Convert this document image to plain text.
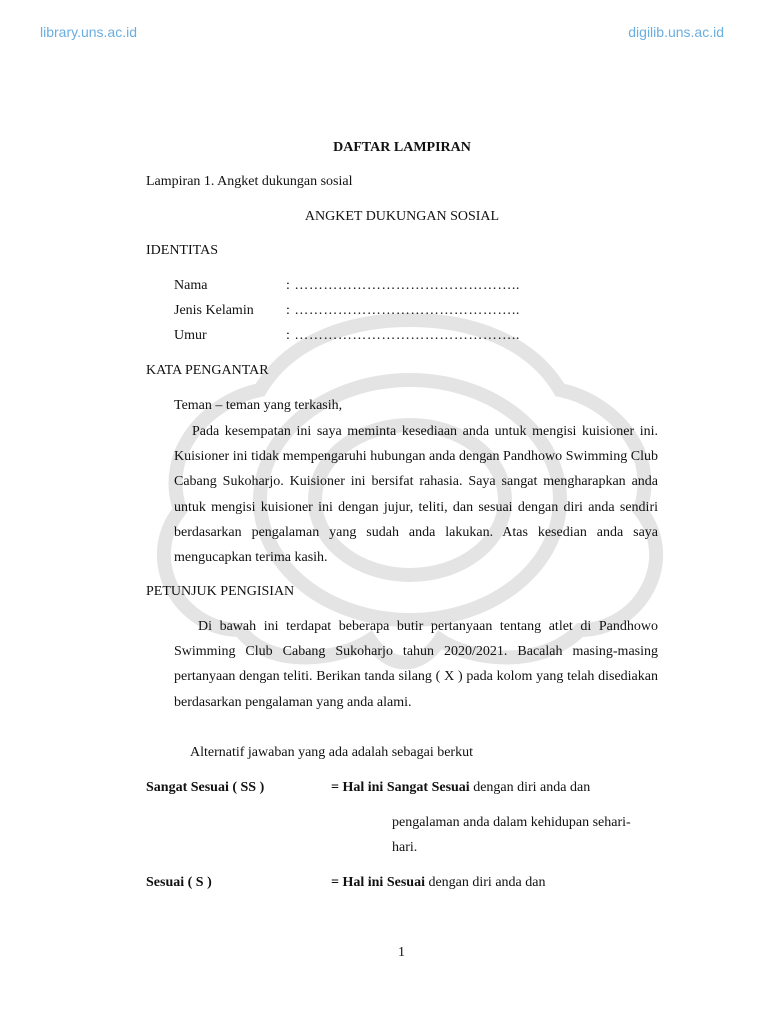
library.uns.ac.id	digilib.uns.ac.id
DAFTAR LAMPIRAN
Lampiran 1. Angket dukungan sosial
ANGKET DUKUNGAN SOSIAL
IDENTITAS
Nama	: ………………………………………..
Jenis Kelamin : ………………………………………..
Umur	: ………………………………………..
KATA PENGANTAR
Teman – teman yang terkasih,
Pada kesempatan ini saya meminta kesediaan anda untuk mengisi kuisioner ini. Kuisioner ini tidak mempengaruhi hubungan anda dengan Pandhowo Swimming Club Cabang Sukoharjo. Kuisioner ini bersifat rahasia. Saya sangat mengharapkan anda untuk mengisi kuisioner ini dengan jujur, teliti, dan sesuai dengan diri anda sendiri berdasarkan pengalaman yang sudah anda lakukan. Atas kesedian anda saya mengucapkan terima kasih.
PETUNJUK PENGISIAN
Di bawah ini terdapat beberapa butir pertanyaan tentang atlet di Pandhowo Swimming Club Cabang Sukoharjo tahun 2020/2021. Bacalah masing-masing pertanyaan dengan teliti. Berikan tanda silang ( X ) pada kolom yang telah disediakan berdasarkan pengalaman yang anda alami.
Alternatif jawaban yang ada adalah sebagai berkut
Sangat Sesuai ( SS )	= Hal ini Sangat Sesuai dengan diri anda dan
pengalaman anda dalam kehidupan sehari-
hari.
Sesuai ( S )	= Hal ini Sesuai dengan diri anda dan
1
